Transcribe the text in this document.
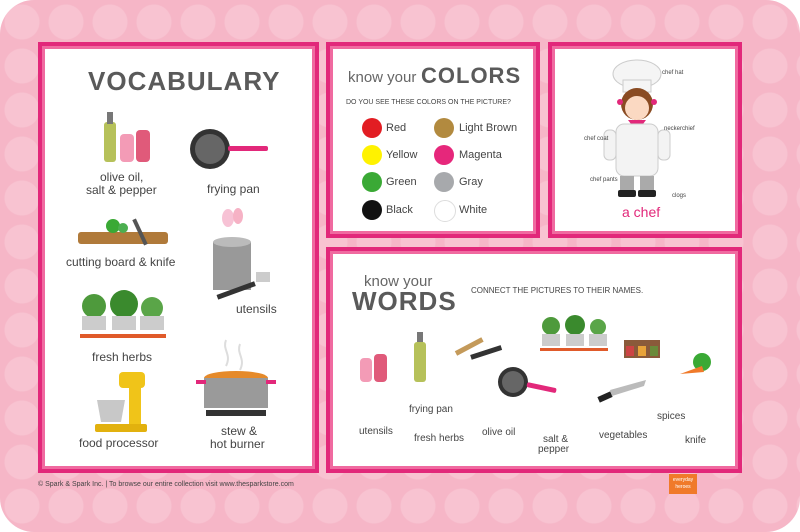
VOCABULARY
olive oil,
salt & pepper	frying pan
cutting board & knife
utensils
fresh herbs
food processor
stew &
hot burner
know your COLORS
DO YOU SEE THESE COLORS ON THE PICTURE?
chef hat
chef coat
neckerchief
chef pants
clogs
a chef
know your
WORDS CONNECT THE PICTURES TO THEIR NAMES.
utensils
frying pan
fresh herbs
olive oil
salt &
pepper
vegetables
spices
knife
© Spark & Spark Inc. | To browse our entire collection visit www.thesparkstore.com
everyday heroes
Red	Light Brown
Yellow	Magenta
Green	Gray
Black	White
